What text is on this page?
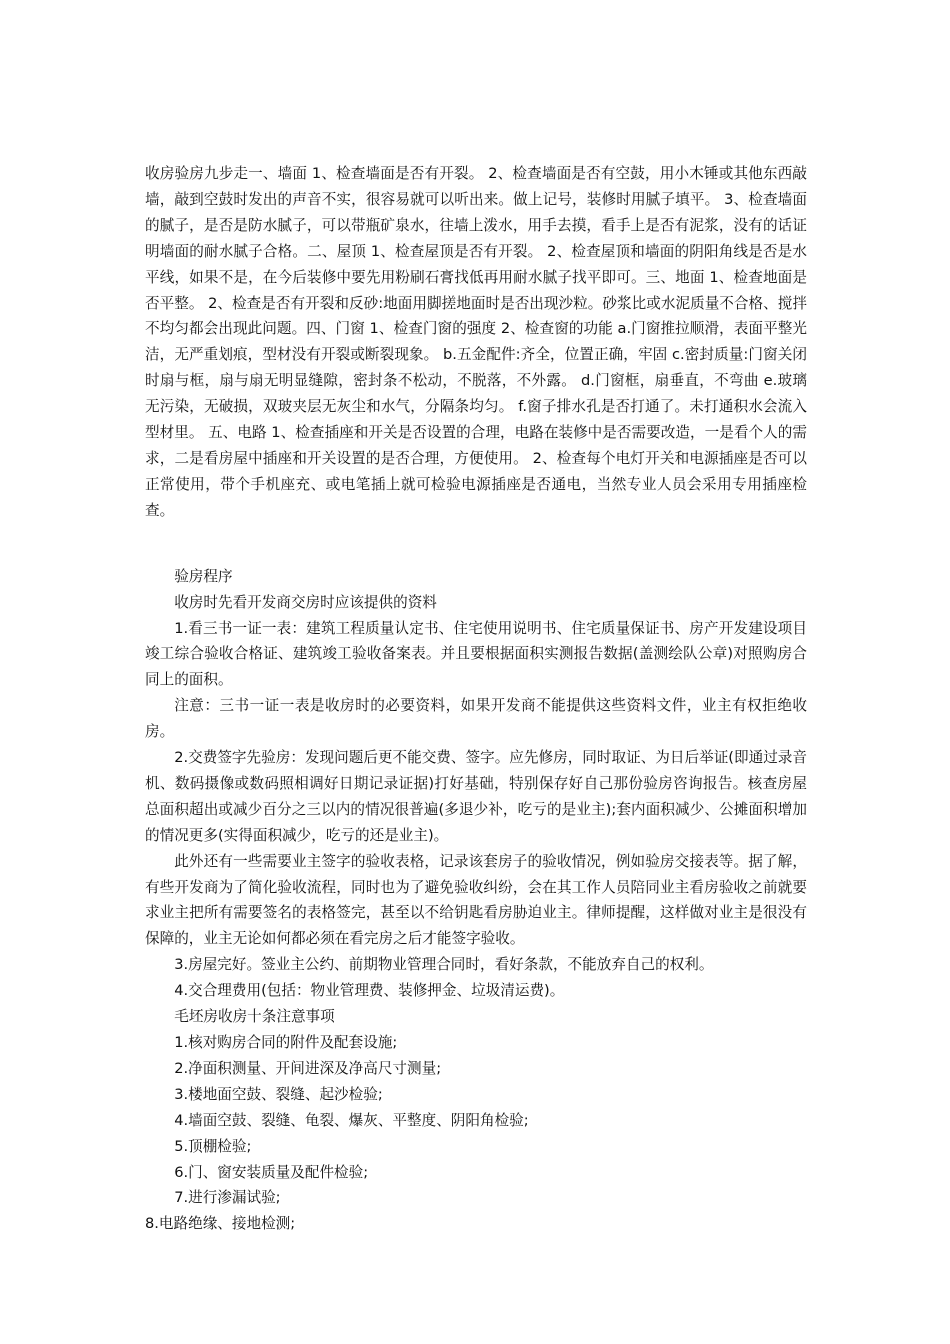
收房验房九步走一、墙面 1、检查墙面是否有开裂。 2、检查墙面是否有空鼓，用小木锤或其他东西敲墙，敲到空鼓时发出的声音不实，很容易就可以听出来。做上记号，装修时用腻子填平。 3、检查墙面的腻子，是否是防水腻子，可以带瓶矿泉水，往墙上泼水，用手去摸，看手上是否有泥浆，没有的话证明墙面的耐水腻子合格。二、屋顶 1、检查屋顶是否有开裂。 2、检查屋顶和墙面的阴阳角线是否是水平线，如果不是，在今后装修中要先用粉刷石膏找低再用耐水腻子找平即可。三、地面 1、检查地面是否平整。 2、检查是否有开裂和反砂:地面用脚搓地面时是否出现沙粒。砂浆比或水泥质量不合格、搅拌不均匀都会出现此问题。四、门窗 1、检查门窗的强度 2、检查窗的功能 a.门窗推拉顺滑，表面平整光洁，无严重划痕，型材没有开裂或断裂现象。 b.五金配件:齐全，位置正确，牢固 c.密封质量:门窗关闭时扇与框，扇与扇无明显缝隙，密封条不松动，不脱落，不外露。 d.门窗框，扇垂直，不弯曲 e.玻璃无污染，无破损，双玻夹层无灰尘和水气，分隔条均匀。 f.窗子排水孔是否打通了。未打通积水会流入型材里。 五、电路 1、检查插座和开关是否设置的合理，电路在装修中是否需要改造，一是看个人的需求，二是看房屋中插座和开关设置的是否合理，方便使用。 2、检查每个电灯开关和电源插座是否可以正常使用，带个手机座充、或电笔插上就可检验电源插座是否通电，当然专业人员会采用专用插座检查。

验房程序

收房时先看开发商交房时应该提供的资料

1.看三书一证一表：建筑工程质量认定书、住宅使用说明书、住宅质量保证书、房产开发建设项目竣工综合验收合格证、建筑竣工验收备案表。并且要根据面积实测报告数据(盖测绘队公章)对照购房合同上的面积。

注意：三书一证一表是收房时的必要资料，如果开发商不能提供这些资料文件，业主有权拒绝收房。

2.交费签字先验房：发现问题后更不能交费、签字。应先修房，同时取证、为日后举证(即通过录音机、数码摄像或数码照相调好日期记录证据)打好基础，特别保存好自己那份验房咨询报告。核查房屋总面积超出或减少百分之三以内的情况很普遍(多退少补，吃亏的是业主);套内面积减少、公摊面积增加的情况更多(实得面积减少，吃亏的还是业主)。

此外还有一些需要业主签字的验收表格，记录该套房子的验收情况，例如验房交接表等。据了解，有些开发商为了简化验收流程，同时也为了避免验收纠纷，会在其工作人员陪同业主看房验收之前就要求业主把所有需要签名的表格签完，甚至以不给钥匙看房胁迫业主。律师提醒，这样做对业主是很没有保障的，业主无论如何都必须在看完房之后才能签字验收。

3.房屋完好。签业主公约、前期物业管理合同时，看好条款，不能放弃自己的权利。

4.交合理费用(包括：物业管理费、装修押金、垃圾清运费)。

毛坯房收房十条注意事项

1.核对购房合同的附件及配套设施;

2.净面积测量、开间进深及净高尺寸测量;

3.楼地面空鼓、裂缝、起沙检验;

4.墙面空鼓、裂缝、龟裂、爆灰、平整度、阴阳角检验;

5.顶棚检验;

6.门、窗安装质量及配件检验;

7.进行渗漏试验;

8.电路绝缘、接地检测;
